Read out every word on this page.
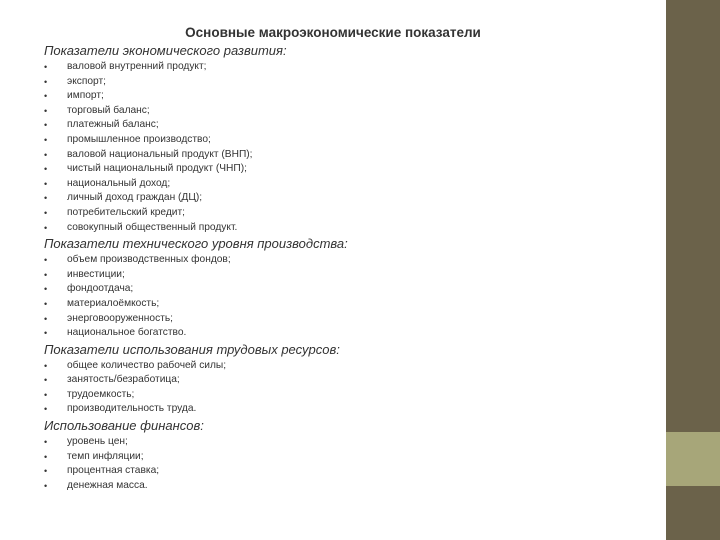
Основные макроэкономические показатели
Показатели экономического развития:
• валовой внутренний продукт;
• экспорт;
• импорт;
• торговый баланс;
• платежный баланс;
• промышленное производство;
• валовой национальный продукт (ВНП);
• чистый национальный продукт (ЧНП);
• национальный доход;
• личный доход граждан (ДЦ);
• потребительский кредит;
• совокупный общественный продукт.
Показатели технического уровня производства:
• объем производственных фондов;
• инвестиции;
• фондоотдача;
• материалоёмкость;
• энерговооруженность;
• национальное богатство.
Показатели использования трудовых ресурсов:
• общее количество рабочей силы;
• занятость/безработица;
• трудоемкость;
• производительность труда.
Использование финансов:
• уровень цен;
• темп инфляции;
• процентная ставка;
• денежная масса.
